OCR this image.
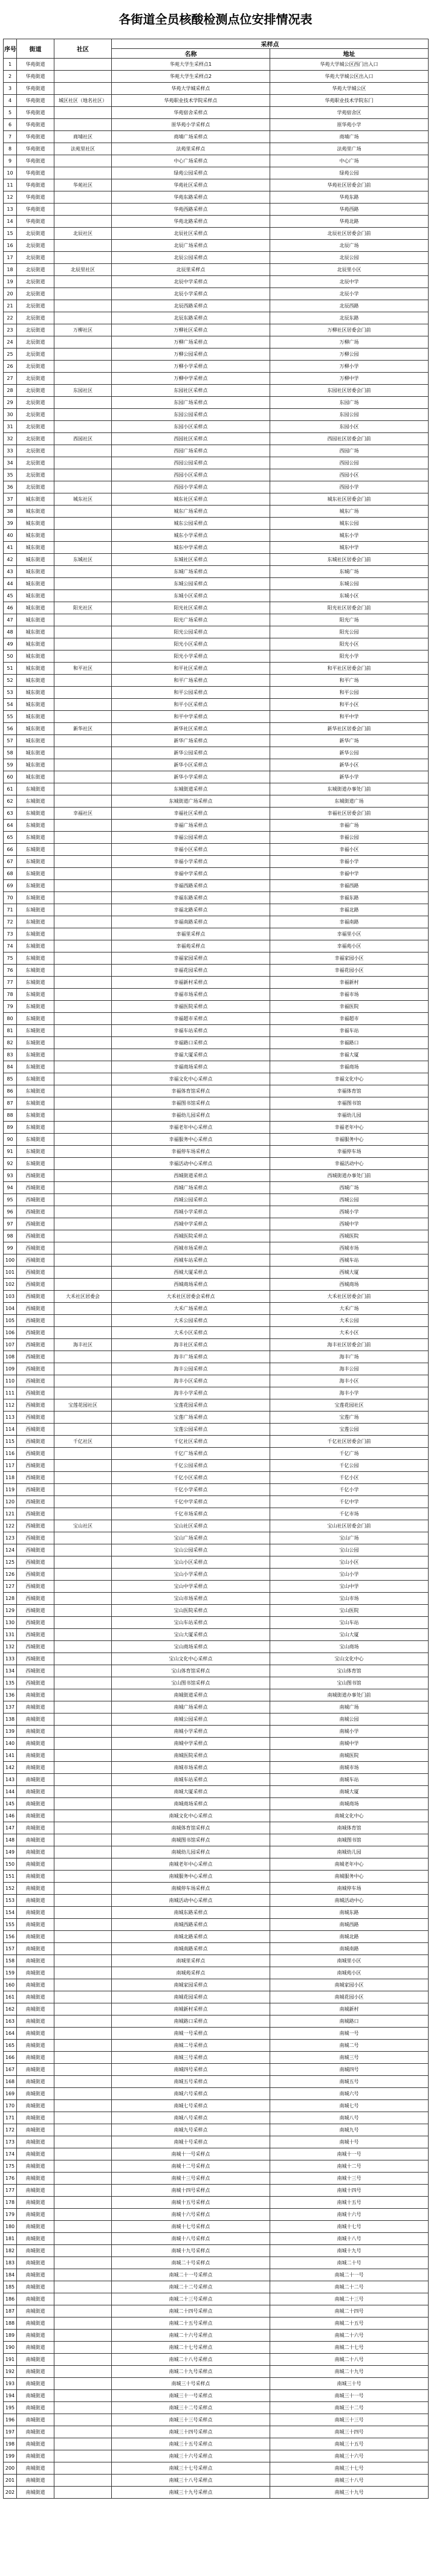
各街道全员核酸检测点位安排情况表
序号	街道	社区	采样点	
			名称	地址
1	华苑街道		华苑大学生采样点1	华苑大学城公区西门出入口
2	华苑街道		华苑大学生采样点2	华苑大学城公区出入口
3	华苑街道		华苑大学城采样点	华苑大学城公区
4	华苑街道	城区社区（地名社区）	华苑职业技术学院采样点	华苑职业技术学院东门
5	华苑街道		华苑宿舍采样点	学苑宿舍区
6	华苑街道		原华苑小学采样点	原华苑小学
7	华苑街道	商埔社区	商埔广场采样点	商埔广场
8	华苑街道	法苑里社区	法苑里采样点	法苑里广场
9	华苑街道		中心广场采样点	中心广场
10	华苑街道		绿苑公园采样点	绿苑公园
11	华苑街道	华苑社区	华苑社区采样点	华苑社区居委会门前
12	华苑街道		华苑东路采样点	华苑东路
13	华苑街道		华苑西路采样点	华苑西路
14	华苑街道		华苑北路采样点	华苑北路
15	北辰街道	北辰社区	北辰社区采样点	北辰社区居委会门前
16	北辰街道		北辰广场采样点	北辰广场
17	北辰街道		北辰公园采样点	北辰公园
18	北辰街道	北辰里社区	北辰里采样点	北辰里小区
19	北辰街道		北辰中学采样点	北辰中学
20	北辰街道		北辰小学采样点	北辰小学
21	北辰街道		北辰西路采样点	北辰西路
22	北辰街道		北辰东路采样点	北辰东路
23	北辰街道	万柳社区	万柳社区采样点	万柳社区居委会门前
24	北辰街道		万柳广场采样点	万柳广场
25	北辰街道		万柳公园采样点	万柳公园
26	北辰街道		万柳小学采样点	万柳小学
27	北辰街道		万柳中学采样点	万柳中学
28	北辰街道	东园社区	东园社区采样点	东园社区居委会门前
29	北辰街道		东园广场采样点	东园广场
30	北辰街道		东园公园采样点	东园公园
31	北辰街道		东园小区采样点	东园小区
32	北辰街道	西园社区	西园社区采样点	西园社区居委会门前
33	北辰街道		西园广场采样点	西园广场
34	北辰街道		西园公园采样点	西园公园
35	北辰街道		西园小区采样点	西园小区
36	北辰街道		西园小学采样点	西园小学
37	城东街道	城东社区	城东社区采样点	城东社区居委会门前
38	城东街道		城东广场采样点	城东广场
39	城东街道		城东公园采样点	城东公园
40	城东街道		城东小学采样点	城东小学
41	城东街道		城东中学采样点	城东中学
42	城东街道	东城社区	东城社区采样点	东城社区居委会门前
43	城东街道		东城广场采样点	东城广场
44	城东街道		东城公园采样点	东城公园
45	城东街道		东城小区采样点	东城小区
46	城东街道	阳光社区	阳光社区采样点	阳光社区居委会门前
47	城东街道		阳光广场采样点	阳光广场
48	城东街道		阳光公园采样点	阳光公园
49	城东街道		阳光小区采样点	阳光小区
50	城东街道		阳光小学采样点	阳光小学
51	城东街道	和平社区	和平社区采样点	和平社区居委会门前
52	城东街道		和平广场采样点	和平广场
53	城东街道		和平公园采样点	和平公园
54	城东街道		和平小区采样点	和平小区
55	城东街道		和平中学采样点	和平中学
56	城东街道	新华社区	新华社区采样点	新华社区居委会门前
57	城东街道		新华广场采样点	新华广场
58	城东街道		新华公园采样点	新华公园
59	城东街道		新华小区采样点	新华小区
60	城东街道		新华小学采样点	新华小学
61	东城街道		东城街道采样点	东城街道办事处门前
62	东城街道		东城街道广场采样点	东城街道广场
63	东城街道	幸福社区	幸福社区采样点	幸福社区居委会门前
64	东城街道		幸福广场采样点	幸福广场
65	东城街道		幸福公园采样点	幸福公园
66	东城街道		幸福小区采样点	幸福小区
67	东城街道		幸福小学采样点	幸福小学
68	东城街道		幸福中学采样点	幸福中学
69	东城街道		幸福西路采样点	幸福西路
70	东城街道		幸福东路采样点	幸福东路
71	东城街道		幸福北路采样点	幸福北路
72	东城街道		幸福南路采样点	幸福南路
73	东城街道		幸福里采样点	幸福里小区
74	东城街道		幸福苑采样点	幸福苑小区
75	东城街道		幸福家园采样点	幸福家园小区
76	东城街道		幸福花园采样点	幸福花园小区
77	东城街道		幸福新村采样点	幸福新村
78	东城街道		幸福市场采样点	幸福市场
79	东城街道		幸福医院采样点	幸福医院
80	东城街道		幸福超市采样点	幸福超市
81	东城街道		幸福车站采样点	幸福车站
82	东城街道		幸福路口采样点	幸福路口
83	东城街道		幸福大厦采样点	幸福大厦
84	东城街道		幸福商场采样点	幸福商场
85	东城街道		幸福文化中心采样点	幸福文化中心
86	东城街道		幸福体育馆采样点	幸福体育馆
87	东城街道		幸福图书馆采样点	幸福图书馆
88	东城街道		幸福幼儿园采样点	幸福幼儿园
89	东城街道		幸福老年中心采样点	幸福老年中心
90	东城街道		幸福服务中心采样点	幸福服务中心
91	东城街道		幸福停车场采样点	幸福停车场
92	东城街道		幸福活动中心采样点	幸福活动中心
93	西城街道		西城街道采样点	西城街道办事处门前
94	西城街道		西城广场采样点	西城广场
95	西城街道		西城公园采样点	西城公园
96	西城街道		西城小学采样点	西城小学
97	西城街道		西城中学采样点	西城中学
98	西城街道		西城医院采样点	西城医院
99	西城街道		西城市场采样点	西城市场
100	西城街道		西城车站采样点	西城车站
101	西城街道		西城大厦采样点	西城大厦
102	西城街道		西城商场采样点	西城商场
103	西城街道	大禾社区居委会	大禾社区居委会采样点	大禾社区居委会门前
104	西城街道		大禾广场采样点	大禾广场
105	西城街道		大禾公园采样点	大禾公园
106	西城街道		大禾小区采样点	大禾小区
107	西城街道	海丰社区	海丰社区采样点	海丰社区居委会门前
108	西城街道		海丰广场采样点	海丰广场
109	西城街道		海丰公园采样点	海丰公园
110	西城街道		海丰小区采样点	海丰小区
111	西城街道		海丰小学采样点	海丰小学
112	西城街道	宝莲花园社区	宝莲花园采样点	宝莲花园社区
113	西城街道		宝莲广场采样点	宝莲广场
114	西城街道		宝莲公园采样点	宝莲公园
115	西城街道	千亿社区	千亿社区采样点	千亿社区居委会门前
116	西城街道		千亿广场采样点	千亿广场
117	西城街道		千亿公园采样点	千亿公园
118	西城街道		千亿小区采样点	千亿小区
119	西城街道		千亿小学采样点	千亿小学
120	西城街道		千亿中学采样点	千亿中学
121	西城街道		千亿市场采样点	千亿市场
122	西城街道	宝山社区	宝山社区采样点	宝山社区居委会门前
123	西城街道		宝山广场采样点	宝山广场
124	西城街道		宝山公园采样点	宝山公园
125	西城街道		宝山小区采样点	宝山小区
126	西城街道		宝山小学采样点	宝山小学
127	西城街道		宝山中学采样点	宝山中学
128	西城街道		宝山市场采样点	宝山市场
129	西城街道		宝山医院采样点	宝山医院
130	西城街道		宝山车站采样点	宝山车站
131	西城街道		宝山大厦采样点	宝山大厦
132	西城街道		宝山商场采样点	宝山商场
133	西城街道		宝山文化中心采样点	宝山文化中心
134	西城街道		宝山体育馆采样点	宝山体育馆
135	西城街道		宝山图书馆采样点	宝山图书馆
136	南城街道		南城街道采样点	南城街道办事处门前
137	南城街道		南城广场采样点	南城广场
138	南城街道		南城公园采样点	南城公园
139	南城街道		南城小学采样点	南城小学
140	南城街道		南城中学采样点	南城中学
141	南城街道		南城医院采样点	南城医院
142	南城街道		南城市场采样点	南城市场
143	南城街道		南城车站采样点	南城车站
144	南城街道		南城大厦采样点	南城大厦
145	南城街道		南城商场采样点	南城商场
146	南城街道		南城文化中心采样点	南城文化中心
147	南城街道		南城体育馆采样点	南城体育馆
148	南城街道		南城图书馆采样点	南城图书馆
149	南城街道		南城幼儿园采样点	南城幼儿园
150	南城街道		南城老年中心采样点	南城老年中心
151	南城街道		南城服务中心采样点	南城服务中心
152	南城街道		南城停车场采样点	南城停车场
153	南城街道		南城活动中心采样点	南城活动中心
154	南城街道		南城东路采样点	南城东路
155	南城街道		南城西路采样点	南城西路
156	南城街道		南城北路采样点	南城北路
157	南城街道		南城南路采样点	南城南路
158	南城街道		南城里采样点	南城里小区
159	南城街道		南城苑采样点	南城苑小区
160	南城街道		南城家园采样点	南城家园小区
161	南城街道		南城花园采样点	南城花园小区
162	南城街道		南城新村采样点	南城新村
163	南城街道		南城路口采样点	南城路口
164	南城街道		南城一号采样点	南城一号
165	南城街道		南城二号采样点	南城二号
166	南城街道		南城三号采样点	南城三号
167	南城街道		南城四号采样点	南城四号
168	南城街道		南城五号采样点	南城五号
169	南城街道		南城六号采样点	南城六号
170	南城街道		南城七号采样点	南城七号
171	南城街道		南城八号采样点	南城八号
172	南城街道		南城九号采样点	南城九号
173	南城街道		南城十号采样点	南城十号
174	南城街道		南城十一号采样点	南城十一号
175	南城街道		南城十二号采样点	南城十二号
176	南城街道		南城十三号采样点	南城十三号
177	南城街道		南城十四号采样点	南城十四号
178	南城街道		南城十五号采样点	南城十五号
179	南城街道		南城十六号采样点	南城十六号
180	南城街道		南城十七号采样点	南城十七号
181	南城街道		南城十八号采样点	南城十八号
182	南城街道		南城十九号采样点	南城十九号
183	南城街道		南城二十号采样点	南城二十号
184	南城街道		南城二十一号采样点	南城二十一号
185	南城街道		南城二十二号采样点	南城二十二号
186	南城街道		南城二十三号采样点	南城二十三号
187	南城街道		南城二十四号采样点	南城二十四号
188	南城街道		南城二十五号采样点	南城二十五号
189	南城街道		南城二十六号采样点	南城二十六号
190	南城街道		南城二十七号采样点	南城二十七号
191	南城街道		南城二十八号采样点	南城二十八号
192	南城街道		南城二十九号采样点	南城二十九号
193	南城街道		南城三十号采样点	南城三十号
194	南城街道		南城三十一号采样点	南城三十一号
195	南城街道		南城三十二号采样点	南城三十二号
196	南城街道		南城三十三号采样点	南城三十三号
197	南城街道		南城三十四号采样点	南城三十四号
198	南城街道		南城三十五号采样点	南城三十五号
199	南城街道		南城三十六号采样点	南城三十六号
200	南城街道		南城三十七号采样点	南城三十七号
201	南城街道		南城三十八号采样点	南城三十八号
202	南城街道		南城三十九号采样点	南城三十九号
